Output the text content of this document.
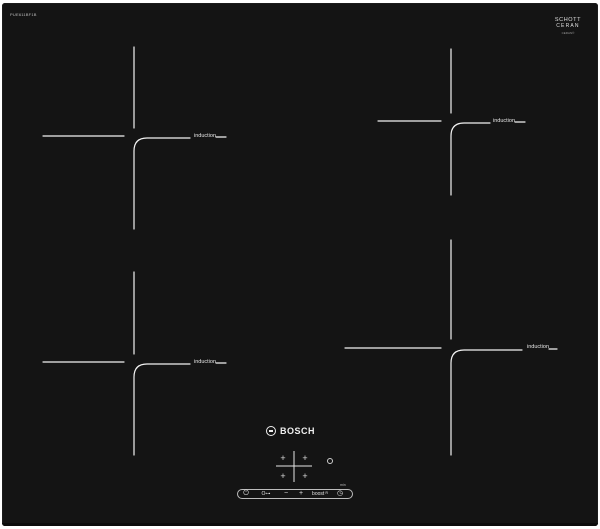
PUE611BF1B
SCHOTT
CERAN
CERAN®
induction
induction
induction
induction
BOSCH
+ +
+ +
min
⏻	O⊶	−	+	boost ᴿ ◷
